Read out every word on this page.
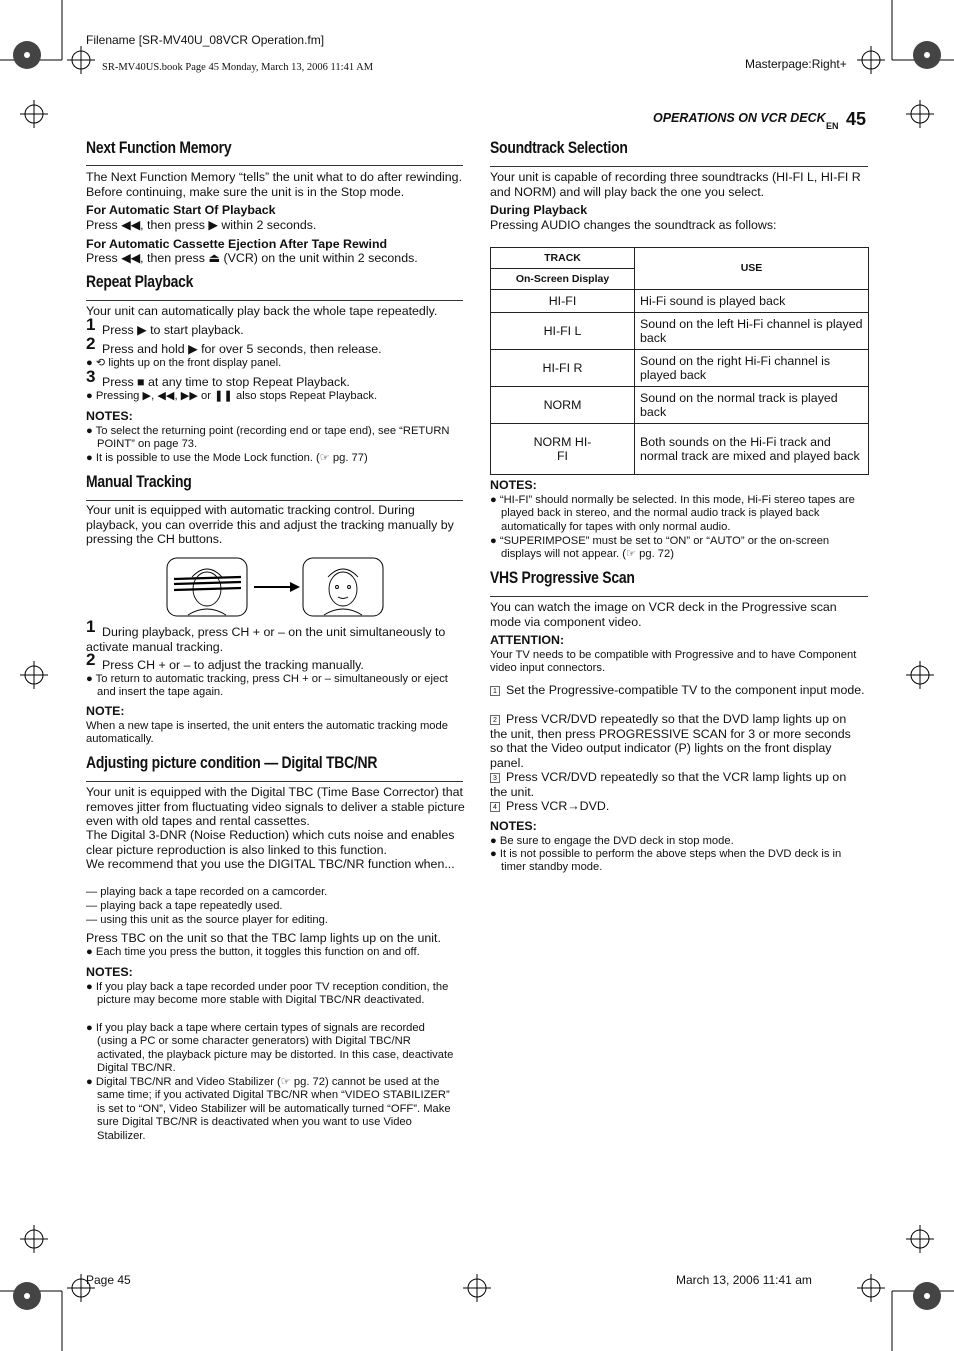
Filename [SR-MV40U_08VCR Operation.fm]
SR-MV40US.book Page 45 Monday, March 13, 2006 11:41 AM	Masterpage:Right+
OPERATIONS ON VCR DECK
EN 45
Next Function Memory
The Next Function Memory “tells” the unit what to do after rewinding. Before continuing, make sure the unit is in the Stop mode.
For Automatic Start Of Playback
Press ◀◀, then press ▶ within 2 seconds.
For Automatic Cassette Ejection After Tape Rewind
Press ◀◀, then press ⏏ (VCR) on the unit within 2 seconds.
Repeat Playback
Your unit can automatically play back the whole tape repeatedly.
1 Press ▶ to start playback.
2 Press and hold ▶ for over 5 seconds, then release.
● ⟲ lights up on the front display panel.
3 Press ■ at any time to stop Repeat Playback.
● Pressing ▶, ◀◀, ▶▶ or ❚❚ also stops Repeat Playback.
NOTES:
● To select the returning point (recording end or tape end), see “RETURN POINT” on page 73.
● It is possible to use the Mode Lock function. (☞ pg. 77)
Manual Tracking
Your unit is equipped with automatic tracking control. During playback, you can override this and adjust the tracking manually by pressing the CH buttons.
1 During playback, press CH + or – on the unit simultaneously to activate manual tracking.
2 Press CH + or – to adjust the tracking manually.
● To return to automatic tracking, press CH + or – simultaneously or eject and insert the tape again.
NOTE:
When a new tape is inserted, the unit enters the automatic tracking mode automatically.
Adjusting picture condition — Digital TBC/NR
Your unit is equipped with the Digital TBC (Time Base Corrector) that removes jitter from fluctuating video signals to deliver a stable picture even with old tapes and rental cassettes.
The Digital 3-DNR (Noise Reduction) which cuts noise and enables clear picture reproduction is also linked to this function.
We recommend that you use the DIGITAL TBC/NR function when...
— playing back a tape recorded on a camcorder.
— playing back a tape repeatedly used.
— using this unit as the source player for editing.
Press TBC on the unit so that the TBC lamp lights up on the unit.
● Each time you press the button, it toggles this function on and off.
NOTES:
● If you play back a tape recorded under poor TV reception condition, the picture may become more stable with Digital TBC/NR deactivated.
● If you play back a tape where certain types of signals are recorded (using a PC or some character generators) with Digital TBC/NR activated, the playback picture may be distorted. In this case, deactivate Digital TBC/NR.
● Digital TBC/NR and Video Stabilizer (☞ pg. 72) cannot be used at the same time; if you activated Digital TBC/NR when “VIDEO STABILIZER” is set to “ON”, Video Stabilizer will be automatically turned “OFF”. Make sure Digital TBC/NR is deactivated when you want to use Video Stabilizer.
Soundtrack Selection
Your unit is capable of recording three soundtracks (HI-FI L, HI-FI R and NORM) and will play back the one you select.
During Playback
Pressing AUDIO changes the soundtrack as follows:
TRACK	USE
On-Screen Display	
HI-FI	Hi-Fi sound is played back
HI-FI L	Sound on the left Hi-Fi channel is played back
HI-FI R	Sound on the right Hi-Fi channel is played back
NORM	Sound on the normal track is played back
NORM HI-FI	Both sounds on the Hi-Fi track and normal track are mixed and played back
NOTES:
● “HI-FI” should normally be selected. In this mode, Hi-Fi stereo tapes are played back in stereo, and the normal audio track is played back automatically for tapes with only normal audio.
● “SUPERIMPOSE” must be set to “ON” or “AUTO” or the on-screen displays will not appear. (☞ pg. 72)
VHS Progressive Scan
You can watch the image on VCR deck in the Progressive scan mode via component video.
ATTENTION:
Your TV needs to be compatible with Progressive and to have Component video input connectors.
1 Set the Progressive-compatible TV to the component input mode.
2 Press VCR/DVD repeatedly so that the DVD lamp lights up on the unit, then press PROGRESSIVE SCAN for 3 or more seconds so that the Video output indicator (P) lights on the front display panel.
3 Press VCR/DVD repeatedly so that the VCR lamp lights up on the unit.
4 Press VCR→DVD.
NOTES:
● Be sure to engage the DVD deck in stop mode.
● It is not possible to perform the above steps when the DVD deck is in timer standby mode.
Page 45	March 13, 2006 11:41 am
